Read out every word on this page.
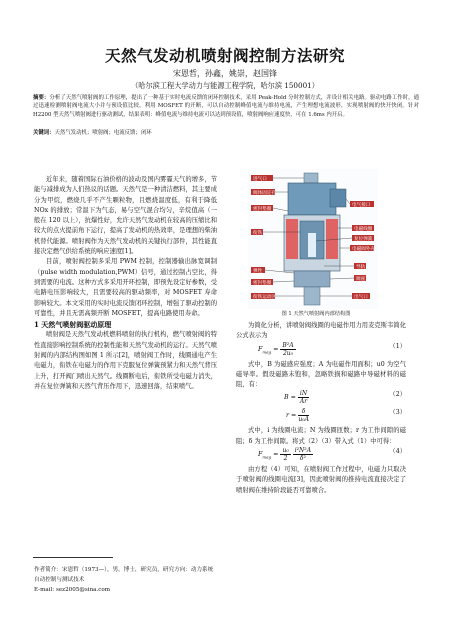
天然气发动机喷射阀控制方法研究
宋恩哲，孙鑫，姚崇，赵国锋
（哈尔滨工程大学动力与能源工程学院，哈尔滨 150001）
摘要：分析了天然气喷射阀的工作原理，提出了一种基于实时电流反馈的闭环控制技术，采用 Peak-Hold 分时控制方式，并设计相关电路。驱动电路工作时，通过迅速检测喷射阀电流大小并与预设值比较，利用 MOSFET 的开断，可以自动控制峰值电流与维持电流，产生理想电流波形，实现喷射阀的快开快闭。针对 H2200 型天然气喷射阀进行驱动测试，结果表明：峰值电流与维持电流可以达到预设值，喷射阀响应速度快，可在 1.6ms 内开启。
关键词：天然气发动机；喷射阀；电流反馈；闭环

近年来，随着国际石油价格的波动及国内雾霾天气的增多，节能与减排成为人们热议的话题。天然气是一种清洁燃料，其主要成分为甲烷，燃烧几乎不产生颗粒物，且燃烧温度低，有利于降低 NOx 的排放；常温下为气态，易与空气混合均匀，辛烷值高（一般在 120 以上），抗爆性好，允许天然气发动机在较高的压缩比和较大的点火提前角下运行，提高了发动机的热效率，是理想的柴油机替代能源。喷射阀作为天然气发动机的关键执行部件，其性能直接决定燃气供给系统的响应速度[1]。

目前，喷射阀控制多采用 PWM 控制，控制器输出脉宽调制（pulse width modulation,PWM）信号，通过控制占空比，得到需要的电流。这种方式多采用开环控制，即预先设定好参数，受电路电压影响较大，且需要较高的驱动频率，对 MOSFET 寿命影响较大。本文采用的实时电流反馈闭环控制，增强了驱动控制的可靠性，并且无需高频开断 MOSFET，提高电路使用寿命。

1 天然气喷射阀驱动原理

喷射阀是天然气发动机燃料喷射的执行机构，燃气喷射阀的特性直接影响控制系统的控制性能和天然气发动机的运行。天然气喷射阀的内部结构图如图 1 所示[2]，喷射阀工作时，线圈通电产生电磁力，衔铁在电磁力的作用下克服复位弹簧预紧力和天然气背压上升，打开阀门喷出天然气。线圈断电后，衔铁所受电磁力消失，并在复位弹簧和天然气背压作用下，迅速回落，结束喷气。

作者简介：宋恩哲（1973—），男，博士，研究员，研究方向：动力系统自动控制与测试技术
E-mail: sez2005@sina.com
进气口
阀体固定孔
密封垫圈
衔铁
弹性
密封垫圈
衔铁运动区
电气接口
电磁线圈
复位弹簧
电磁阀外壳
导轨
阀座
出气口
图 1 天然气喷射阀内部结构图

为简化分析，讲喷射阀线圈的电磁作用力用麦克斯韦简化公式表示为

$F_{mag} = \frac{\text{B²A}}{\text{2u₀}}$	（1）

式中，B 为磁感应强度；A 为电磁作用面积；u0 为空气磁导率。假设磁路未饱和，忽略铁损和磁路中导磁材料的磁阻，有：

$B = \frac{iN}{Ar}$	（2）
$r = \frac{\delta}{\text{u₀A}}$	（3）

式中，i 为线圈电流；N 为线圈匝数；r 为工作间隙的磁阻；δ 为工作间隙。将式（2）（3）带入式（1）中可得：

$F_{mag} = \frac{\text{u₀}}{2}$
$\frac{\text{i²N²A}}{\text{δ²}}$	（4）

由方程（4）可知，在喷射阀工作过程中，电磁力只取决于喷射阀的线圈电流[3]，因此喷射阀的推持电流直接决定了喷射阀在维持阶段能否可靠喷合。
